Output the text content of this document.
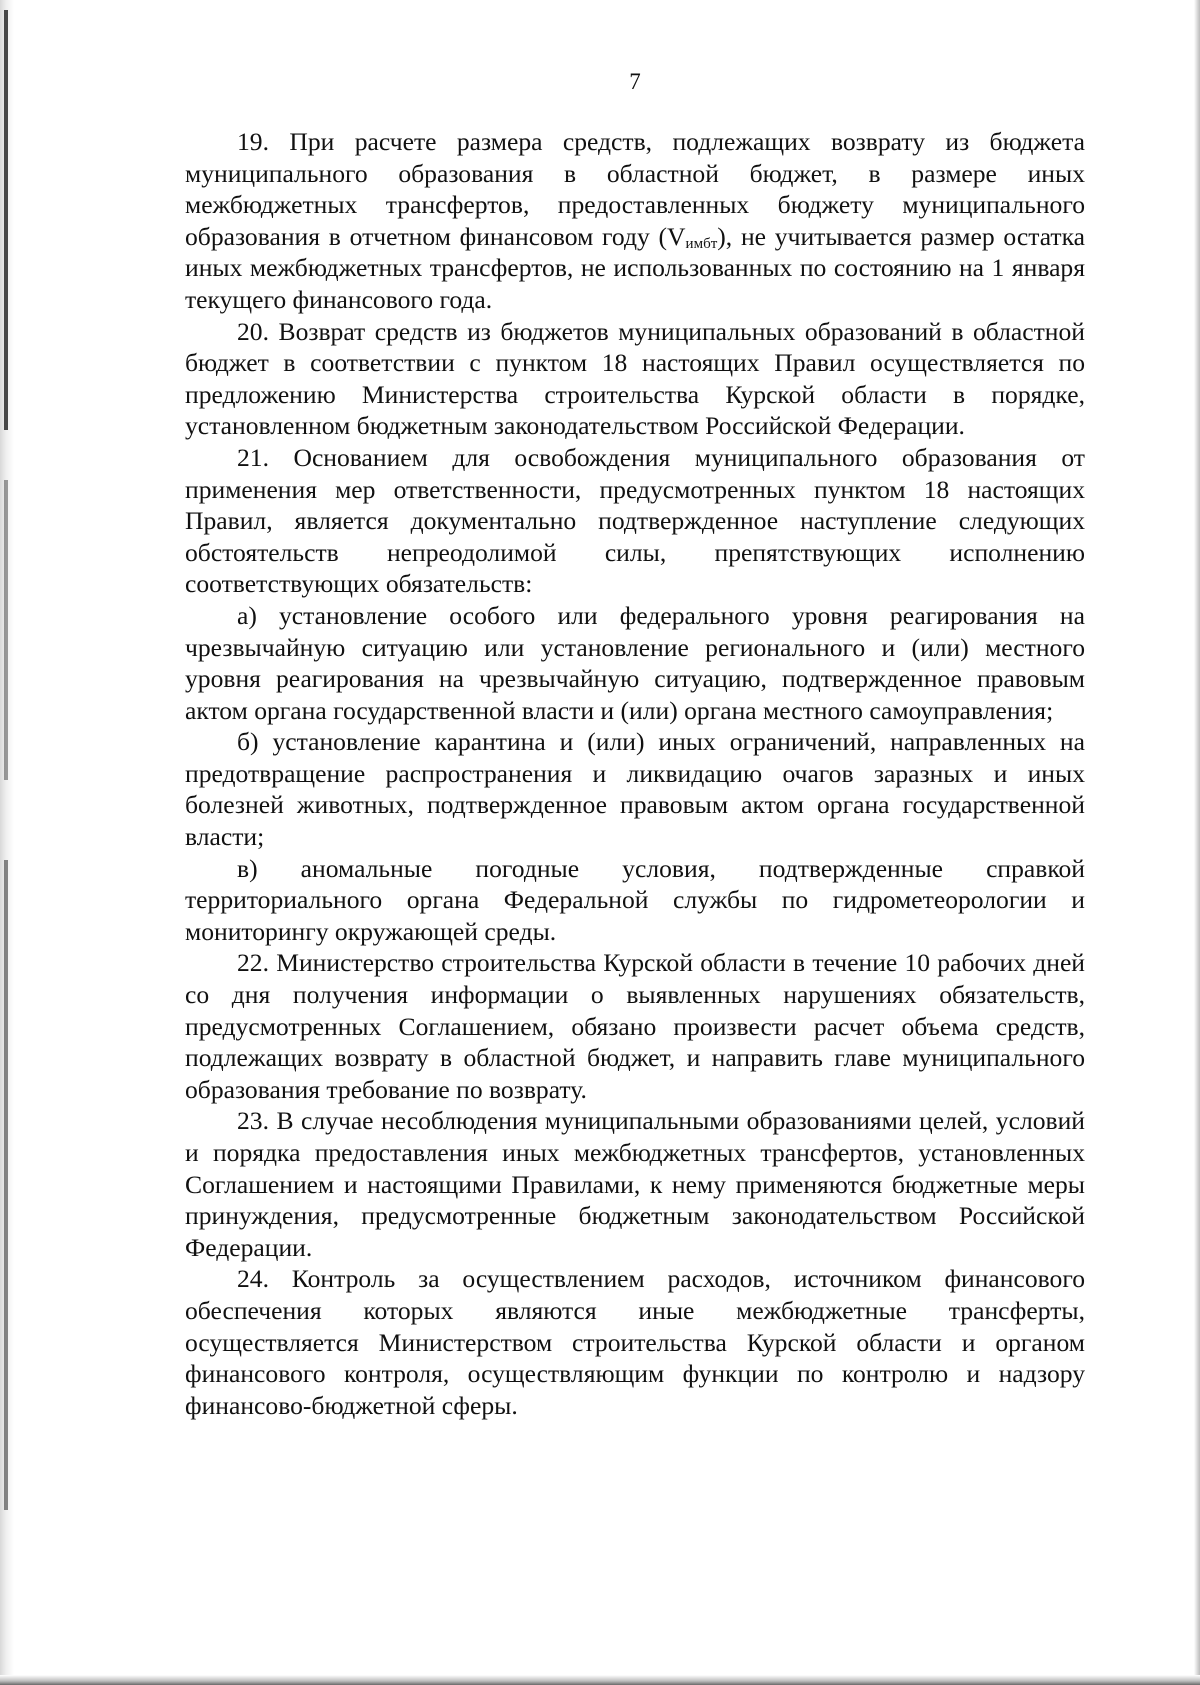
7

19. При расчете размера средств, подлежащих возврату из бюджета муниципального образования в областной бюджет, в размере иных межбюджетных трансфертов, предоставленных бюджету муниципального образования в отчетном финансовом году $(V_{имбт})$, не учитывается размер остатка иных межбюджетных трансфертов, не использованных по состоянию на 1 января текущего финансового года.

20. Возврат средств из бюджетов муниципальных образований в областной бюджет в соответствии с пунктом 18 настоящих Правил осуществляется по предложению Министерства строительства Курской области в порядке, установленном бюджетным законодательством Российской Федерации.

21. Основанием для освобождения муниципального образования от применения мер ответственности, предусмотренных пунктом 18 настоящих Правил, является документально подтвержденное наступление следующих обстоятельств непреодолимой силы, препятствующих исполнению соответствующих обязательств:

а) установление особого или федерального уровня реагирования на чрезвычайную ситуацию или установление регионального и (или) местного уровня реагирования на чрезвычайную ситуацию, подтвержденное правовым актом органа государственной власти и (или) органа местного самоуправления;

б) установление карантина и (или) иных ограничений, направленных на предотвращение распространения и ликвидацию очагов заразных и иных болезней животных, подтвержденное правовым актом органа государственной власти;

в) аномальные погодные условия, подтвержденные справкой территориального органа Федеральной службы по гидрометеорологии и мониторингу окружающей среды.

22. Министерство строительства Курской области в течение 10 рабочих дней со дня получения информации о выявленных нарушениях обязательств, предусмотренных Соглашением, обязано произвести расчет объема средств, подлежащих возврату в областной бюджет, и направить главе муниципального образования требование по возврату.

23. В случае несоблюдения муниципальными образованиями целей, условий и порядка предоставления иных межбюджетных трансфертов, установленных Соглашением и настоящими Правилами, к нему применяются бюджетные меры принуждения, предусмотренные бюджетным законодательством Российской Федерации.

24. Контроль за осуществлением расходов, источником финансового обеспечения которых являются иные межбюджетные трансферты, осуществляется Министерством строительства Курской области и органом финансового контроля, осуществляющим функции по контролю и надзору финансово-бюджетной сферы.
